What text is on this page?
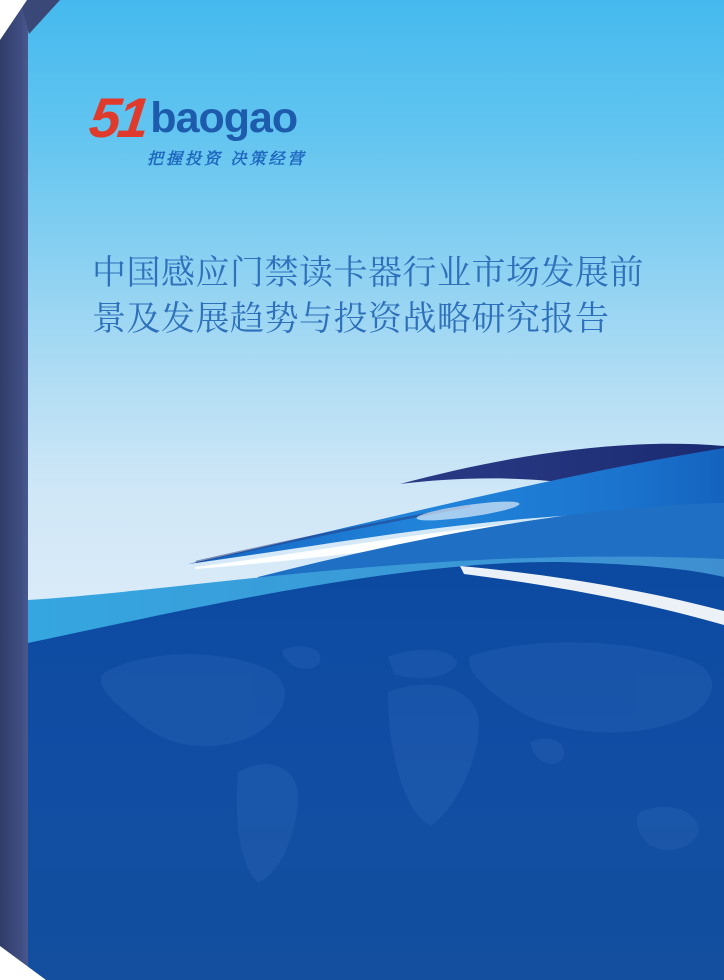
51 baogao
把握投资 决策经营
中国感应门禁读卡器行业市场发展前
景及发展趋势与投资战略研究报告
